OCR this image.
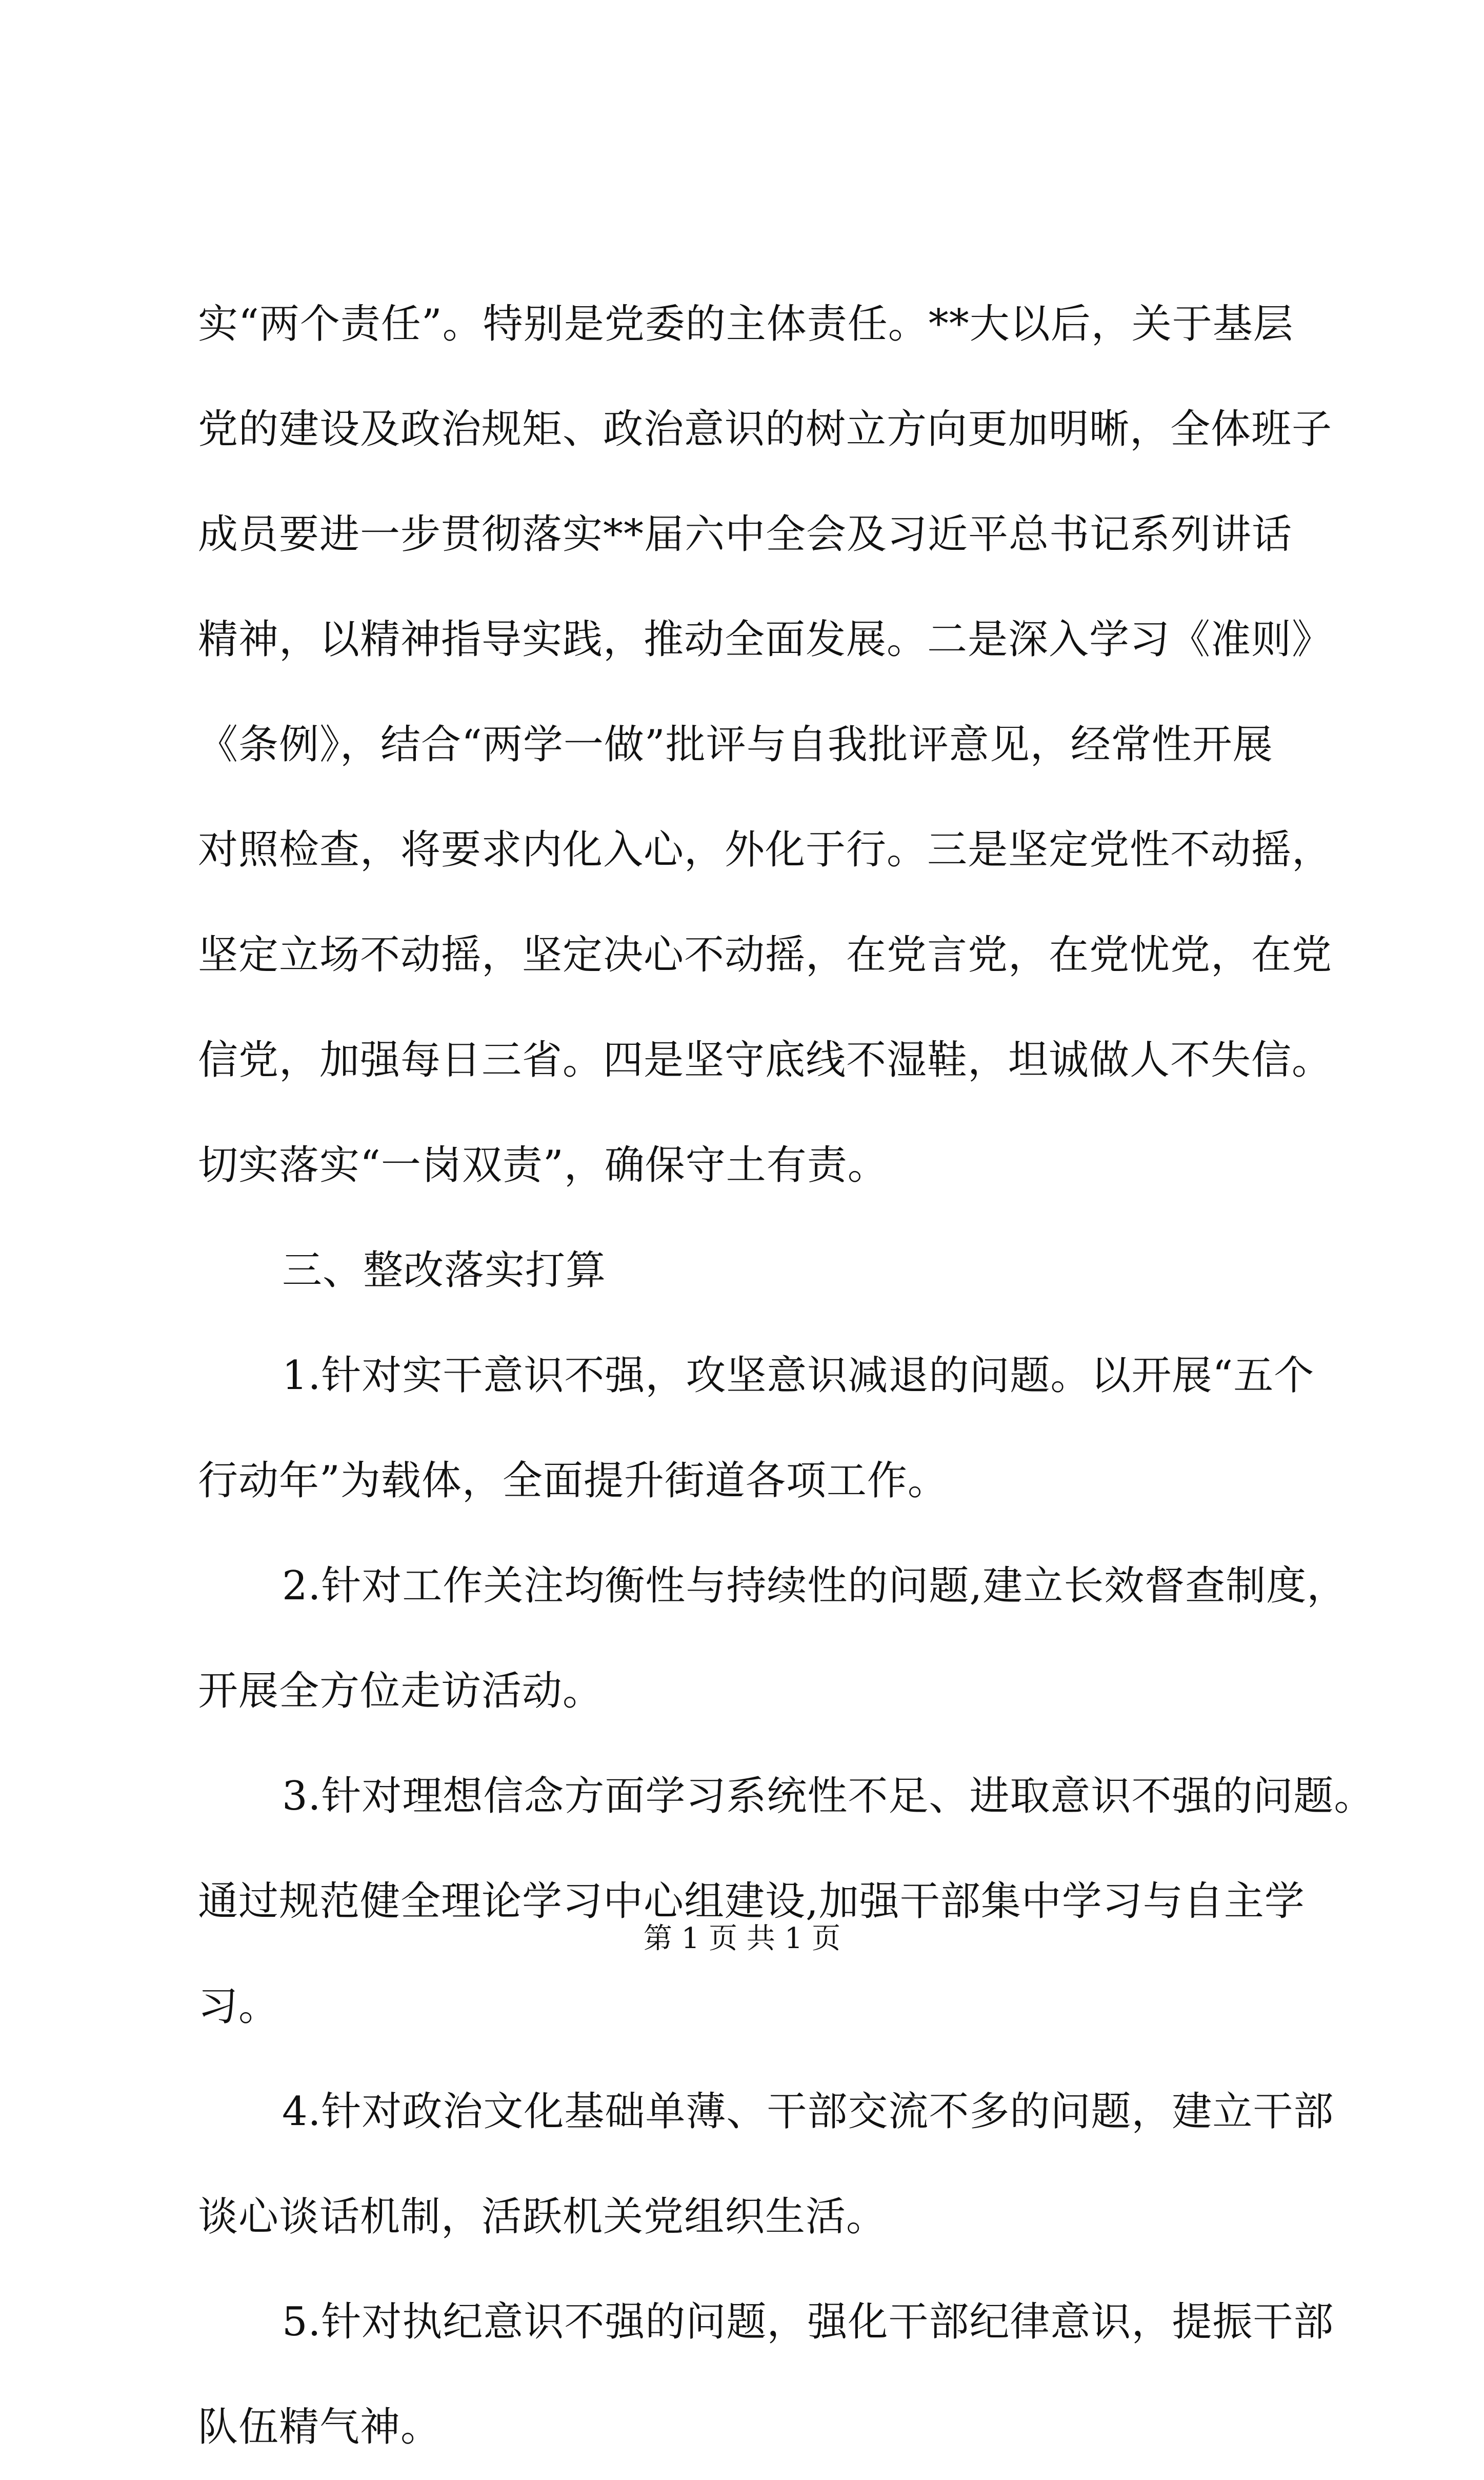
实“两个责任”。特别是党委的主体责任。**大以后，关于基层
党的建设及政治规矩、政治意识的树立方向更加明晰，全体班子
成员要进一步贯彻落实**届六中全会及习近平总书记系列讲话
精神，以精神指导实践，推动全面发展。二是深入学习《准则》
《条例》，结合“两学一做”批评与自我批评意见，经常性开展
对照检查，将要求内化入心，外化于行。三是坚定党性不动摇，
坚定立场不动摇，坚定决心不动摇，在党言党，在党忧党，在党
信党，加强每日三省。四是坚守底线不湿鞋，坦诚做人不失信。
切实落实“一岗双责”，确保守土有责。
三、整改落实打算
1.针对实干意识不强，攻坚意识减退的问题。以开展“五个
行动年”为载体，全面提升街道各项工作。
2.针对工作关注均衡性与持续性的问题,建立长效督查制度，
开展全方位走访活动。
3.针对理想信念方面学习系统性不足、进取意识不强的问题。
通过规范健全理论学习中心组建设,加强干部集中学习与自主学
习。
4.针对政治文化基础单薄、干部交流不多的问题，建立干部
谈心谈话机制，活跃机关党组织生活。
5.针对执纪意识不强的问题，强化干部纪律意识，提振干部
队伍精气神。
第 1 页 共 1 页
